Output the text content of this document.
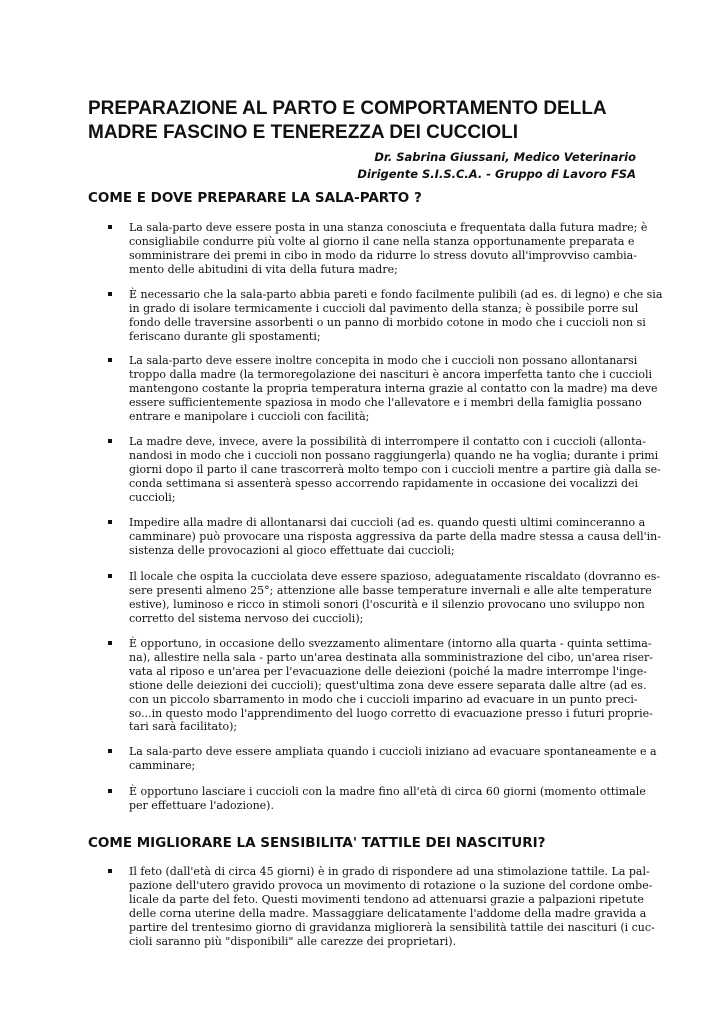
PREPARAZIONE AL PARTO E COMPORTAMENTO DELLA
MADRE FASCINO E TENEREZZA DEI CUCCIOLI
Dr. Sabrina Giussani, Medico Veterinario
Dirigente S.I.S.C.A. - Gruppo di Lavoro FSA
COME E DOVE PREPARARE LA SALA-PARTO ?
La sala-parto deve essere posta in una stanza conosciuta e frequentata dalla futura madre; è
consigliabile condurre più volte al giorno il cane nella stanza opportunamente preparata e
somministrare dei premi in cibo in modo da ridurre lo stress dovuto all'improvviso cambia-
mento delle abitudini di vita della futura madre;
È necessario che la sala-parto abbia pareti e fondo facilmente pulibili (ad es. di legno) e che sia
in grado di isolare termicamente i cuccioli dal pavimento della stanza; è possibile porre sul
fondo delle traversine assorbenti o un panno di morbido cotone in modo che i cuccioli non si
feriscano durante gli spostamenti;
La sala-parto deve essere inoltre concepita in modo che i cuccioli non possano allontanarsi
troppo dalla madre (la termoregolazione dei nascituri è ancora imperfetta tanto che i cuccioli
mantengono costante la propria temperatura interna grazie al contatto con la madre) ma deve
essere sufficientemente spaziosa in modo che l'allevatore e i membri della famiglia possano
entrare e manipolare i cuccioli con facilità;
La madre deve, invece, avere la possibilità di interrompere il contatto con i cuccioli (allonta-
nandosi in modo che i cuccioli non possano raggiungerla) quando ne ha voglia; durante i primi
giorni dopo il parto il cane trascorrerà molto tempo con i cuccioli mentre a partire già dalla se-
conda settimana si assenterà spesso accorrendo rapidamente in occasione dei vocalizzi dei
cuccioli;
Impedire alla madre di allontanarsi dai cuccioli (ad es. quando questi ultimi cominceranno a
camminare) può provocare una risposta aggressiva da parte della madre stessa a causa dell'in-
sistenza delle provocazioni al gioco effettuate dai cuccioli;
Il locale che ospita la cucciolata deve essere spazioso, adeguatamente riscaldato (dovranno es-
sere presenti almeno 25°; attenzione alle basse temperature invernali e alle alte temperature
estive), luminoso e ricco in stimoli sonori (l'oscurità e il silenzio provocano uno sviluppo non
corretto del sistema nervoso dei cuccioli);
È opportuno, in occasione dello svezzamento alimentare (intorno alla quarta - quinta settima-
na), allestire nella sala - parto un'area destinata alla somministrazione del cibo, un'area riser-
vata al riposo e un'area per l'evacuazione delle deiezioni (poiché la madre interrompe l'inge-
stione delle deiezioni dei cuccioli); quest'ultima zona deve essere separata dalle altre (ad es.
con un piccolo sbarramento in modo che i cuccioli imparino ad evacuare in un punto preci-
so...in questo modo l'apprendimento del luogo corretto di evacuazione presso i futuri proprie-
tari sarà facilitato);
La sala-parto deve essere ampliata quando i cuccioli iniziano ad evacuare spontaneamente e a
camminare;
È opportuno lasciare i cuccioli con la madre fino all'età di circa 60 giorni (momento ottimale
per effettuare l'adozione).
COME MIGLIORARE LA SENSIBILITA' TATTILE DEI NASCITURI?
Il feto (dall'età di circa 45 giorni) è in grado di rispondere ad una stimolazione tattile. La pal-
pazione dell'utero gravido provoca un movimento di rotazione o la suzione del cordone ombe-
licale da parte del feto. Questi movimenti tendono ad attenuarsi grazie a palpazioni ripetute
delle corna uterine della madre. Massaggiare delicatamente l'addome della madre gravida a
partire del trentesimo giorno di gravidanza migliorerà la sensibilità tattile dei nascituri (i cuc-
cioli saranno più "disponibili" alle carezze dei proprietari).
